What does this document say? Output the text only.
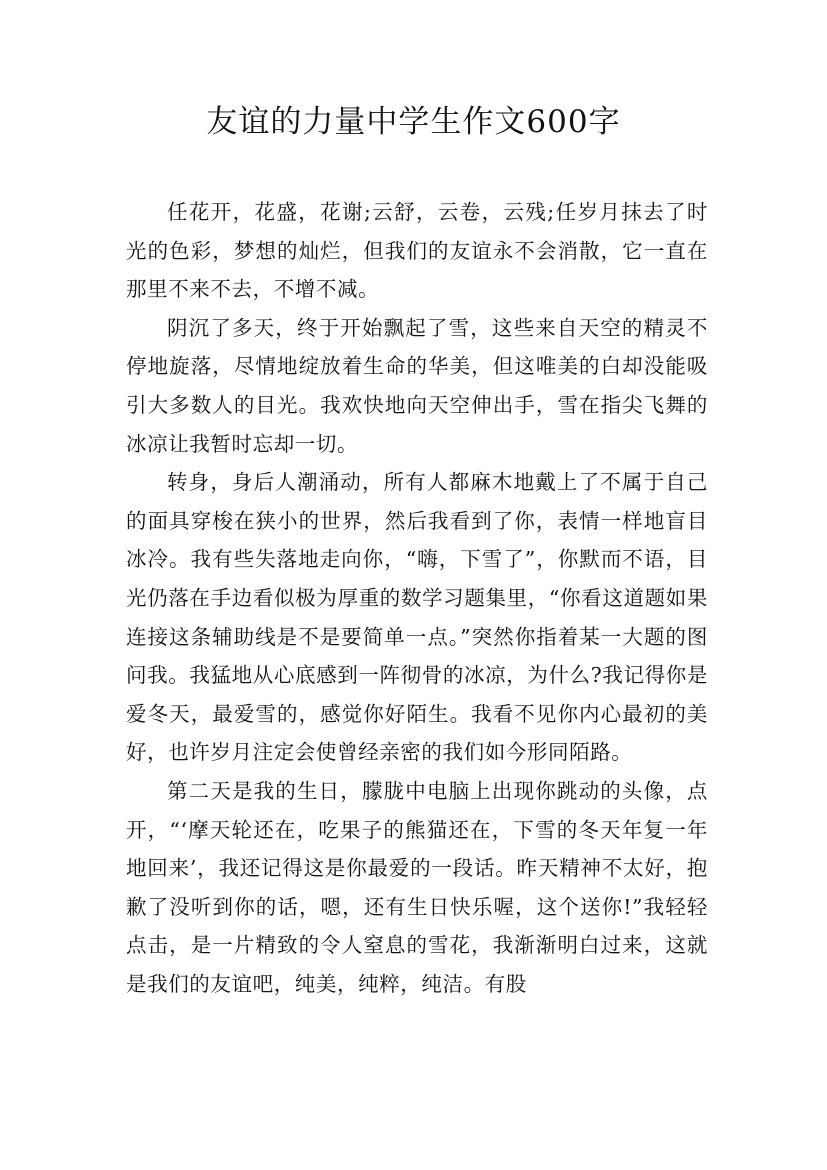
友谊的力量中学生作文600字

任花开，花盛，花谢;云舒，云卷，云残;任岁月抹去了时光的色彩，梦想的灿烂，但我们的友谊永不会消散，它一直在那里不来不去，不增不减。

阴沉了多天，终于开始飘起了雪，这些来自天空的精灵不停地旋落，尽情地绽放着生命的华美，但这唯美的白却没能吸引大多数人的目光。我欢快地向天空伸出手，雪在指尖飞舞的冰凉让我暂时忘却一切。

转身，身后人潮涌动，所有人都麻木地戴上了不属于自己的面具穿梭在狭小的世界，然后我看到了你，表情一样地盲目冰冷。我有些失落地走向你，“嗨，下雪了”，你默而不语，目光仍落在手边看似极为厚重的数学习题集里，“你看这道题如果连接这条辅助线是不是要简单一点。”突然你指着某一大题的图问我。我猛地从心底感到一阵彻骨的冰凉，为什么?我记得你是爱冬天，最爱雪的，感觉你好陌生。我看不见你内心最初的美好，也许岁月注定会使曾经亲密的我们如今形同陌路。

第二天是我的生日，朦胧中电脑上出现你跳动的头像，点开，“‘摩天轮还在，吃果子的熊猫还在，下雪的冬天年复一年地回来’，我还记得这是你最爱的一段话。昨天精神不太好，抱歉了没听到你的话，嗯，还有生日快乐喔，这个送你!”我轻轻点击，是一片精致的令人窒息的雪花，我渐渐明白过来，这就是我们的友谊吧，纯美，纯粹，纯洁。有股
